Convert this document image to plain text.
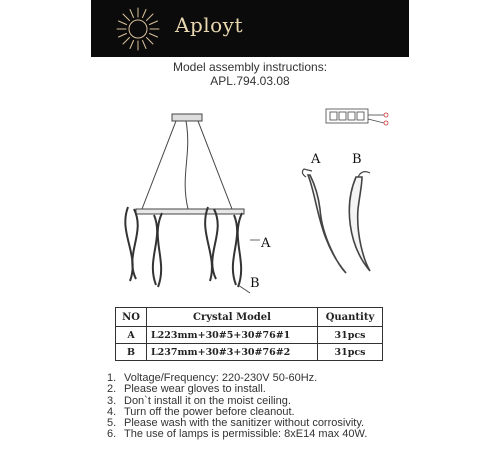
Aployt
Model assembly instructions:
APL.794.03.08
A
B
A B
NO	Crystal Model	Quantity
A	L223mm+30#5+30#76#1	31pcs
B	L237mm+30#3+30#76#2	31pcs
1. Voltage/Frequency: 220-230V 50-60Hz.
2. Please wear gloves to install.
3. Don`t install it on the moist ceiling.
4. Turn off the power before cleanout.
5. Please wash with the sanitizer without corrosivity.
6. The use of lamps is permissible: 8xE14 max 40W.
